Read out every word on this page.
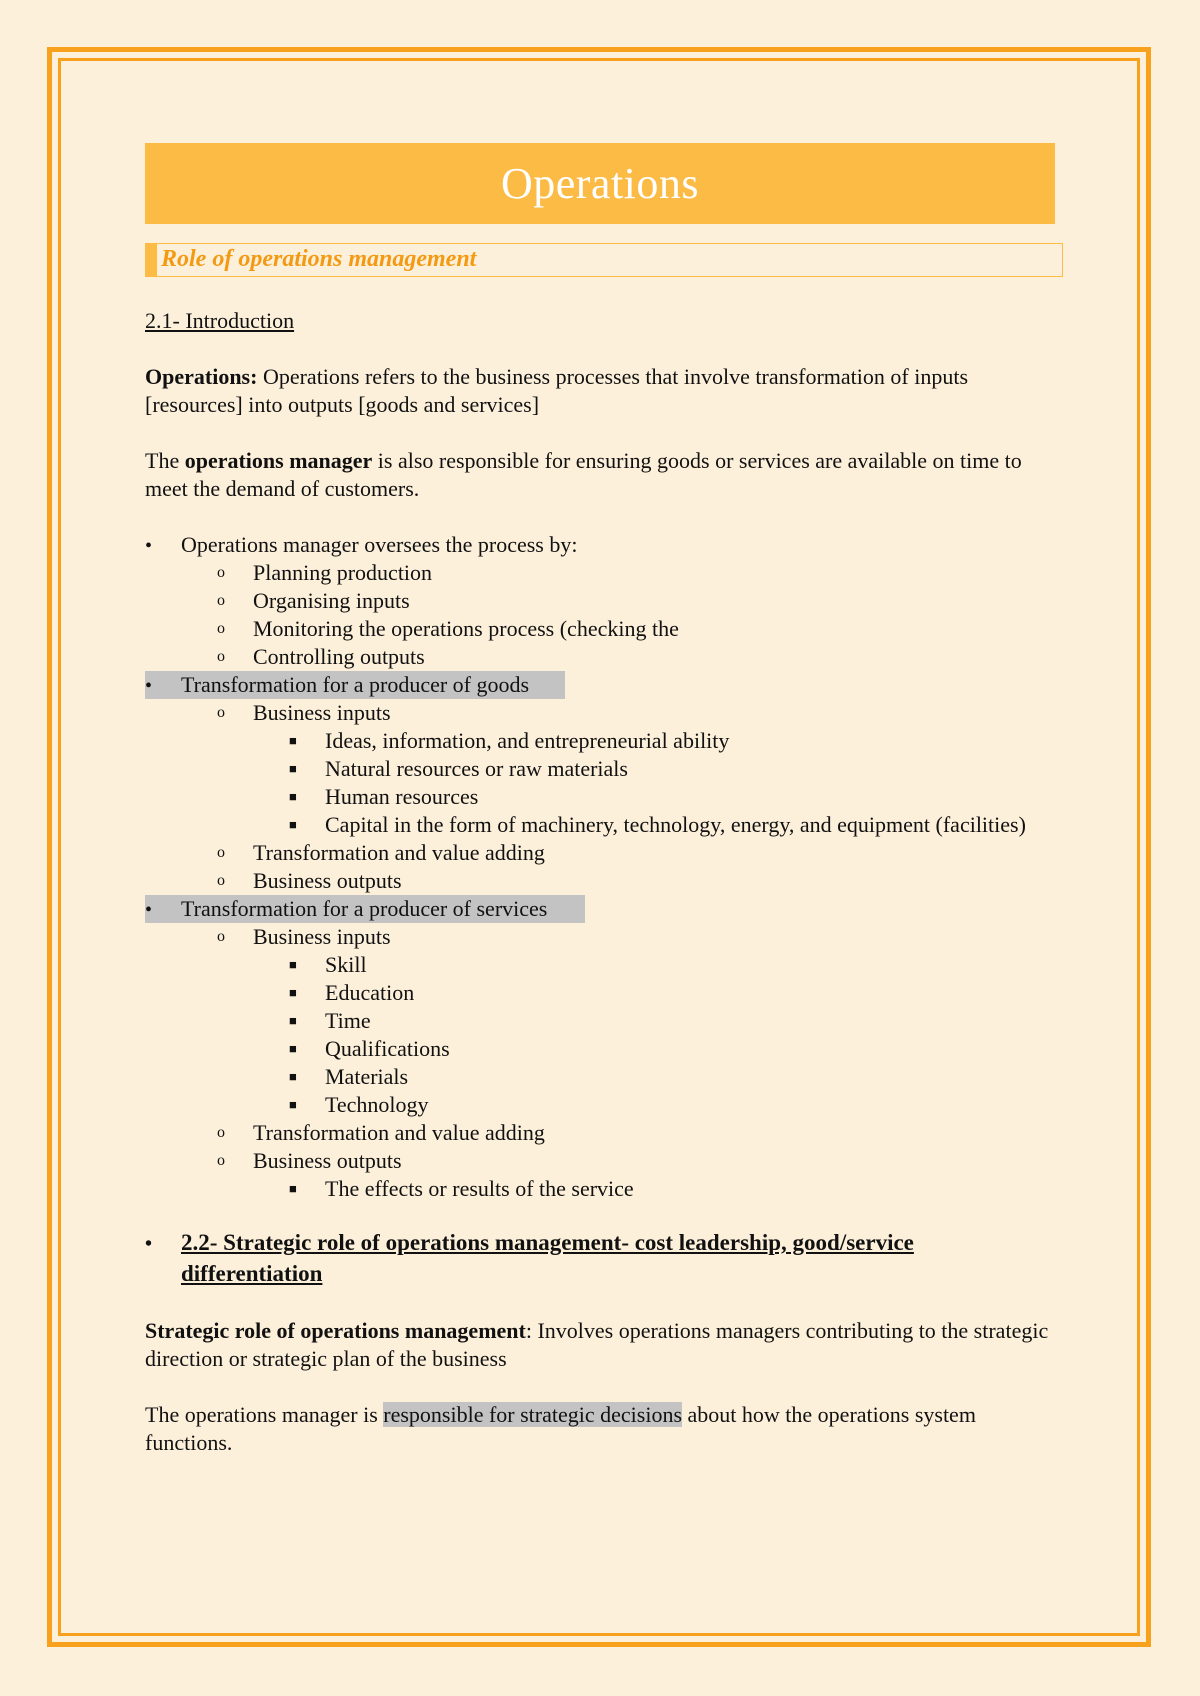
Operations
Role of operations management

2.1- Introduction

Operations: Operations refers to the business processes that involve transformation of inputs [resources] into outputs [goods and services]

The operations manager is also responsible for ensuring goods or services are available on time to meet the demand of customers.

•
Operations manager oversees the process by:
o Planning production
o Organising inputs
o Monitoring the operations process (checking the
o Controlling outputs
•
Transformation for a producer of goods
o Business inputs
■ Ideas, information, and entrepreneurial ability
■ Natural resources or raw materials
■ Human resources
■ Capital in the form of machinery, technology, energy, and equipment (facilities)
o Transformation and value adding
o Business outputs
•
Transformation for a producer of services
o Business inputs
■ Skill
■ Education
■ Time
■ Qualifications
■ Materials
■ Technology
o Transformation and value adding
o Business outputs
■ The effects or results of the service
•
2.2- Strategic role of operations management- cost leadership, good/service differentiation

Strategic role of operations management: Involves operations managers contributing to the strategic direction or strategic plan of the business

The operations manager is responsible for strategic decisions about how the operations system functions.
